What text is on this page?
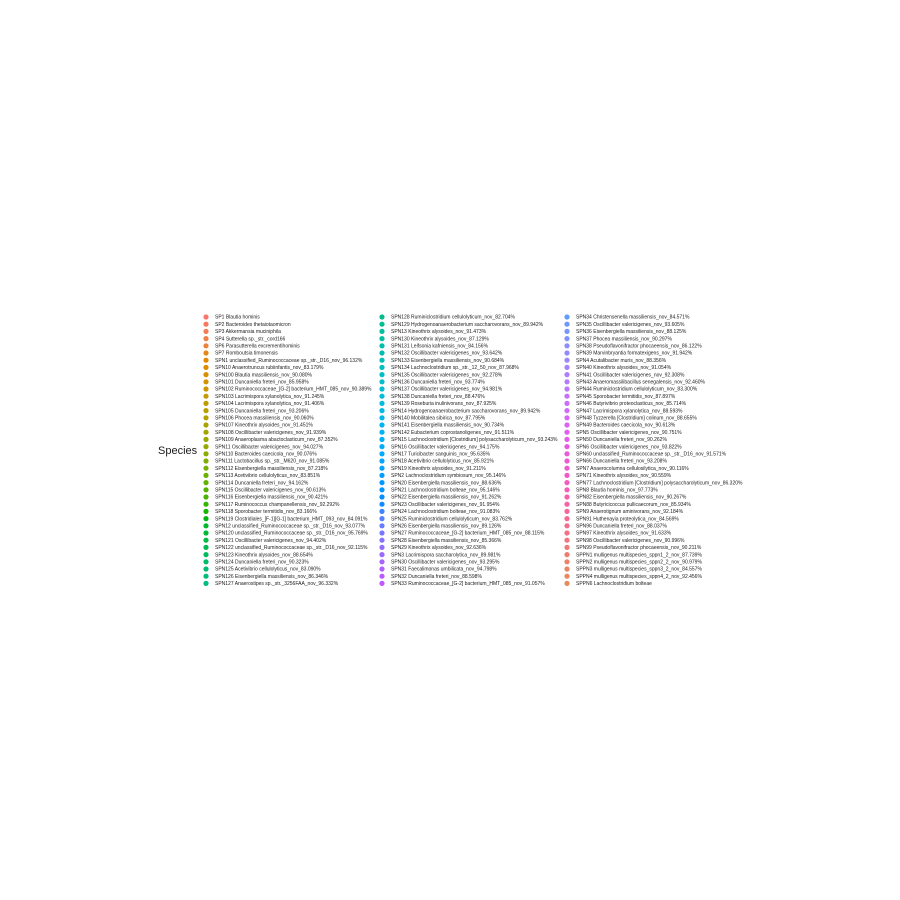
Species
SP1 Blautia hominis
SP2 Bacteroides thetaiotaomicron
SP3 Akkermansia muciniphila
SP4 Sutterella sp._str._cord166
SP6 Parasutterella excrementihominis
SP7 Romboutsia timonensis
SPN1 unclassified_Ruminococcaceae sp._str._D16_nov_96.132%
SPN10 Anaerotruncus rubiinfantis_nov_83.179%
SPN100 Blautia massiliensis_nov_90.080%
SPN101 Duncaniella freteri_nov_85.958%
SPN102 Ruminococcaceae_[G-2] bacterium_HMT_085_nov_90.389%
SPN103 Lacrimispora xylanolytica_nov_91.245%
SPN104 Lacrimispora xylanolytica_nov_91.406%
SPN105 Duncaniella freteri_nov_93.206%
SPN106 Phocea massiliensis_nov_90.060%
SPN107 Kineothrix alysoides_nov_91.451%
SPN108 Oscillibacter valericigenes_nov_91.939%
SPN109 Anaeroplasma abactoclasticum_nov_87.352%
SPN11 Oscillibacter valericigenes_nov_94.027%
SPN110 Bacteroides caecicola_nov_90.076%
SPN111 Lactobacillus sp._str._M620_nov_91.085%
SPN112 Eisenbergiella massiliensis_nov_87.218%
SPN113 Acetivibrio cellulolyticus_nov_83.851%
SPN114 Duncaniella freteri_nov_94.162%
SPN115 Oscillibacter valericigenes_nov_90.613%
SPN116 Eisenbergiella massiliensis_nov_90.421%
SPN117 Ruminococcus champanellensis_nov_92.292%
SPN118 Sporobacter termitidis_nov_83.166%
SPN119 Clostridiales_[F-1][G-1] bacterium_HMT_093_nov_84.091%
SPN12 unclassified_Ruminococcaceae sp._str._D16_nov_93.077%
SPN120 unclassified_Ruminococcaceae sp._str._D16_nov_95.769%
SPN121 Oscillibacter valericigenes_nov_94.402%
SPN122 unclassified_Ruminococcaceae sp._str._D16_nov_92.115%
SPN123 Kineothrix alysoides_nov_88.654%
SPN124 Duncaniella freteri_nov_90.323%
SPN125 Acetivibrio cellulolyticus_nov_83.090%
SPN126 Eisenbergiella massiliensis_nov_86.346%
SPN127 Anaerostipes sp._str._3256FAA_nov_96.332%
SPN128 Ruminiclostridium cellulolyticum_nov_82.704%
SPN129 Hydrogenoanaerobacterium saccharovorans_nov_89.942%
SPN13 Kineothrix alysoides_nov_91.473%
SPN130 Kineothrix alysoides_nov_87.129%
SPN131 Leifsonia kafniensis_nov_84.156%
SPN132 Oscillibacter valericigenes_nov_93.642%
SPN133 Eisenbergiella massiliensis_nov_90.684%
SPN134 Lachnoclostridium sp._str._12_50_nov_87.968%
SPN135 Oscillibacter valericigenes_nov_92.278%
SPN136 Duncaniella freteri_nov_93.774%
SPN137 Oscillibacter valericigenes_nov_94.981%
SPN138 Duncaniella freteri_nov_88.476%
SPN139 Roseburia inulinivorans_nov_87.925%
SPN14 Hydrogenoanaerobacterium saccharovorans_nov_89.942%
SPN140 Mobilitalea sibirica_nov_87.795%
SPN141 Eisenbergiella massiliensis_nov_90.734%
SPN142 Eubacterium coprostanoligenes_nov_91.511%
SPN15 Lachnoclostridium [Clostridium] polysaccharolyticum_nov_93.243%
SPN16 Oscillibacter valericigenes_nov_94.175%
SPN17 Turicibacter sanguinis_nov_95.635%
SPN18 Acetivibrio cellulolyticus_nov_85.921%
SPN19 Kineothrix alysoides_nov_91.211%
SPN2 Lachnoclostridium symbiosum_nov_95.146%
SPN20 Eisenbergiella massiliensis_nov_88.636%
SPN21 Lachnoclostridium bolteae_nov_95.146%
SPN22 Eisenbergiella massiliensis_nov_91.262%
SPN23 Oscillibacter valericigenes_nov_91.954%
SPN24 Lachnoclostridium bolteae_nov_91.083%
SPN25 Ruminiclostridium cellulolyticum_nov_83.762%
SPN26 Eisenbergiella massiliensis_nov_89.126%
SPN27 Ruminococcaceae_[G-2] bacterium_HMT_085_nov_88.115%
SPN28 Eisenbergiella massiliensis_nov_85.366%
SPN29 Kineothrix alysoides_nov_92.636%
SPN3 Lacrimispora saccharolytica_nov_89.981%
SPN30 Oscillibacter valericigenes_nov_93.295%
SPN31 Faecalimonas umbilicata_nov_94.798%
SPN32 Duncaniella freteri_nov_88.598%
SPN33 Ruminococcaceae_[G-2] bacterium_HMT_085_nov_91.057%
SPN34 Christensenella massiliensis_nov_84.571%
SPN35 Oscillibacter valericigenes_nov_93.605%
SPN36 Eisenbergiella massiliensis_nov_88.125%
SPN37 Phocea massiliensis_nov_90.297%
SPN38 Pseudoflavonifractor phocaeensis_nov_86.122%
SPN39 Marvinbryantia formatexigens_nov_91.942%
SPN4 Acutalibacter muris_nov_88.356%
SPN40 Kineothrix alysoides_nov_91.054%
SPN41 Oscillibacter valericigenes_nov_92.308%
SPN43 Anaeromassilibacillus senegalensis_nov_92.460%
SPN44 Ruminiclostridium cellulolyticum_nov_83.300%
SPN45 Sporobacter termitidis_nov_87.897%
SPN46 Butyrivibrio proteoclasticus_nov_85.714%
SPN47 Lacrimispora xylanolytica_nov_88.593%
SPN48 Tyzzerella [Clostridium] colinum_nov_88.655%
SPN49 Bacteroides caecicola_nov_90.613%
SPN5 Oscillibacter valericigenes_nov_90.751%
SPN50 Duncaniella freteri_nov_90.262%
SPN6 Oscillibacter valericigenes_nov_93.822%
SPN60 unclassified_Ruminococcaceae sp._str._D16_nov_91.571%
SPN66 Duncaniella freteri_nov_93.208%
SPN7 Anaerocolumna cellulosilytica_nov_90.116%
SPN71 Kineothrix alysoides_nov_90.559%
SPN77 Lachnoclostridium [Clostridium] polysaccharolyticum_nov_86.320%
SPN8 Blautia hominis_nov_97.773%
SPN82 Eisenbergiella massiliensis_nov_90.267%
SPN88 Butyricicoccus pullicaecorum_nov_85.934%
SPN9 Anaerotignum aminivorans_nov_92.184%
SPN91 Huthenayia proteolytica_nov_84.569%
SPN96 Duncaniella freteri_nov_88.037%
SPN97 Kineothrix alysoides_nov_91.633%
SPN98 Oscillibacter valericigenes_nov_90.996%
SPN99 Pseudoflavonifractor phocaeensis_nov_90.211%
SPPN1 mulligenus multispecies_sppn1_2_nov_87.739%
SPPN2 mulligenus multispecies_sppn2_2_nov_90.979%
SPPN3 mulligenus multispecies_sppn3_2_nov_84.557%
SPPN4 mulligenus multispecies_sppn4_2_nov_92.456%
SPPN6 Lachnoclostridium bolteae
